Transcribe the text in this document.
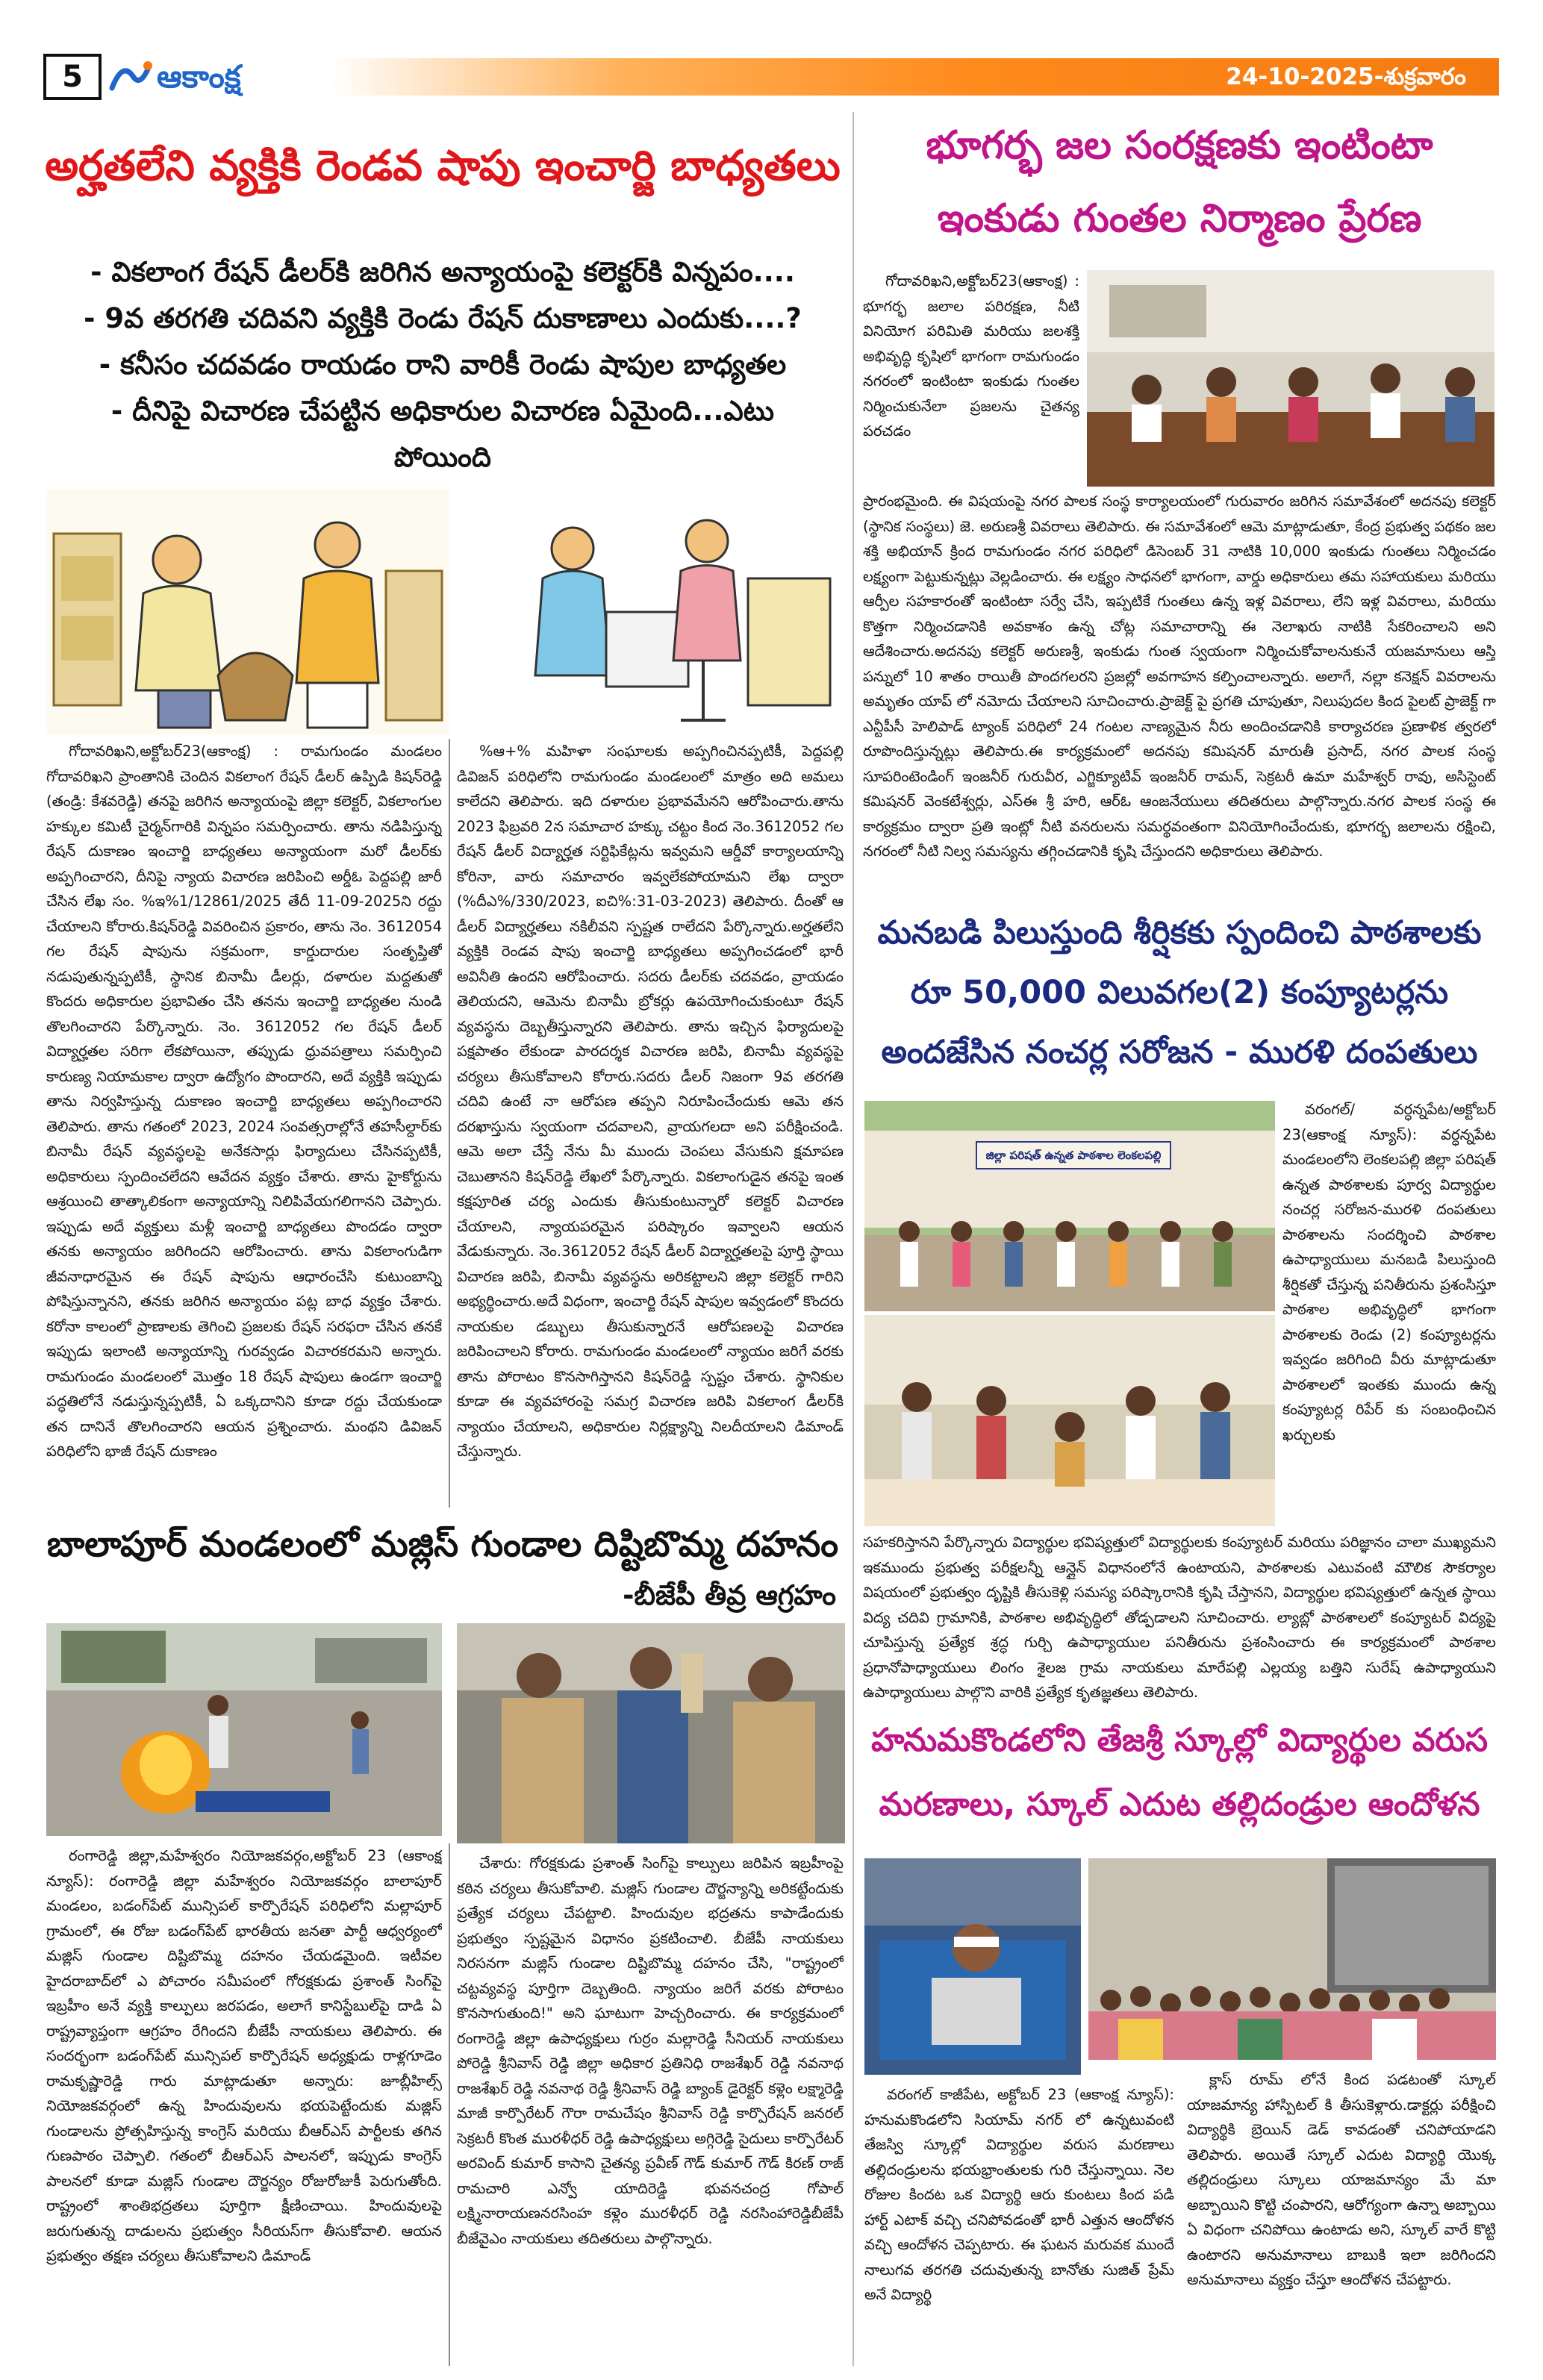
5	ఆకాంక్ష	24-10-2025-శుక్రవారం
అర్హతలేని వ్యక్తికి రెండవ షాపు ఇంచార్జి బాధ్యతలు
- వికలాంగ రేషన్ డీలర్‌కి జరిగిన అన్యాయంపై కలెక్టర్‌కి విన్నపం....
- 9వ తరగతి చదివని వ్యక్తికి రెండు రేషన్ దుకాణాలు ఎందుకు....?
- కనీసం చదవడం రాయడం రాని వారికీ రెండు షాపుల బాధ్యతల
- దీనిపై విచారణ చేపట్టిన అధికారుల విచారణ ఏమైంది...ఎటు
పోయింది

గోదావరిఖని,అక్టోబర్23(ఆకాంక్ష) : రామగుండం మండలం గోదావరిఖని ప్రాంతానికి చెందిన వికలాంగ రేషన్ డీలర్ ఉప్పిడి కిషన్‌రెడ్డి (తండ్రి: కేశవరెడ్డి) తనపై జరిగిన అన్యాయంపై జిల్లా కలెక్టర్, వికలాంగుల హక్కుల కమిటీ చైర్మన్‌గారికి విన్నపం సమర్పించారు. తాను నడిపిస్తున్న రేషన్ దుకాణం ఇంచార్జి బాధ్యతలు అన్యాయంగా మరో డీలర్‌కు అప్పగించారని, దీనిపై న్యాయ విచారణ జరిపించి అర్డీఓ పెద్దపల్లి జారీ చేసిన లేఖ సం. %ఇ%1/12861/2025 తేదీ 11-09-2025ని రద్దు చేయాలని కోరారు.కిషన్‌రెడ్డి వివరించిన ప్రకారం, తాను నెం. 3612054 గల రేషన్ షాపును సక్రమంగా, కార్డుదారుల సంతృప్తితో నడుపుతున్నప్పటికీ, స్థానిక బినామీ డీలర్లు, దళారుల మద్దతుతో కొందరు అధికారుల ప్రభావితం చేసి తనను ఇంచార్జి బాధ్యతల నుండి తొలగించారని పేర్కొన్నారు. నెం. 3612052 గల రేషన్ డీలర్ విద్యార్హతల సరిగా లేకపోయినా, తప్పుడు ధ్రువపత్రాలు సమర్పించి కారుణ్య నియామకాల ద్వారా ఉద్యోగం పొందారని, అదే వ్యక్తికి ఇప్పుడు తాను నిర్వహిస్తున్న దుకాణం ఇంచార్జి బాధ్యతలు అప్పగించారని తెలిపారు. తాను గతంలో 2023, 2024 సంవత్సరాల్లోనే తహసీల్దార్‌కు బినామీ రేషన్ వ్యవస్థలపై అనేకసార్లు ఫిర్యాదులు చేసినప్పటికీ, అధికారులు స్పందించలేదని ఆవేదన వ్యక్తం చేశారు. తాను హైకోర్టును ఆశ్రయించి తాత్కాలికంగా అన్యాయాన్ని నిలిపివేయగలిగానని చెప్పారు. ఇప్పుడు అదే వ్యక్తులు మళ్లీ ఇంచార్జి బాధ్యతలు పొందడం ద్వారా తనకు అన్యాయం జరిగిందని ఆరోపించారు. తాను వికలాంగుడిగా జీవనాధారమైన ఈ రేషన్ షాపును ఆధారంచేసి కుటుంబాన్ని పోషిస్తున్నానని, తనకు జరిగిన అన్యాయం పట్ల బాధ వ్యక్తం చేశారు. కరోనా కాలంలో ప్రాణాలకు తెగించి ప్రజలకు రేషన్ సరఫరా చేసిన తనకే ఇప్పుడు ఇలాంటి అన్యాయాన్ని గురవ్వడం విచారకరమని అన్నారు. రామగుండం మండలంలో మొత్తం 18 రేషన్ షాపులు ఉండగా ఇంచార్జి పద్ధతిలోనే నడుస్తున్నప్పటికీ, ఏ ఒక్కదానిని కూడా రద్దు చేయకుండా తన దానినే తొలగించారని ఆయన ప్రశ్నించారు. మంథని డివిజన్ పరిధిలోని భాజీ రేషన్ దుకాణం

%ఆ+% మహిళా సంఘాలకు అప్పగించినప్పటికీ, పెద్దపల్లి డివిజన్ పరిధిలోని రామగుండం మండలంలో మాత్రం అది అమలు కాలేదని తెలిపారు. ఇది దళారుల ప్రభావమేనని ఆరోపించారు.తాను 2023 ఫిబ్రవరి 2న సమాచార హక్కు చట్టం కింద నెం.3612052 గల రేషన్ డీలర్ విద్యార్హత సర్టిఫికేట్లను ఇవ్వమని ఆర్డీవో కార్యాలయాన్ని కోరినా, వారు సమాచారం ఇవ్వలేకపోయామని లేఖ ద్వారా (%దీఎ%/330/2023, ఐచి%:31-03-2023) తెలిపారు. దీంతో ఆ డీలర్ విద్యార్హతలు నకిలీవని స్పష్టత రాలేదని పేర్కొన్నారు.అర్హతలేని వ్యక్తికి రెండవ షాపు ఇంచార్జి బాధ్యతలు అప్పగించడంలో భారీ అవినీతి ఉందని ఆరోపించారు. సదరు డీలర్‌కు చదవడం, వ్రాయడం తెలియదని, ఆమెను బినామీ బ్రోకర్లు ఉపయోగించుకుంటూ రేషన్ వ్యవస్థను దెబ్బతీస్తున్నారని తెలిపారు. తాను ఇచ్చిన ఫిర్యాదులపై పక్షపాతం లేకుండా పారదర్శక విచారణ జరిపి, బినామీ వ్యవస్థపై చర్యలు తీసుకోవాలని కోరారు.సదరు డీలర్ నిజంగా 9వ తరగతి చదివి ఉంటే నా ఆరోపణ తప్పని నిరూపించేందుకు ఆమె తన దరఖాస్తును స్వయంగా చదవాలని, వ్రాయగలదా అని పరీక్షించండి. ఆమె అలా చేస్తే నేను మీ ముందు చెంపలు వేసుకుని క్షమాపణ చెబుతానని కిషన్‌రెడ్డి లేఖలో పేర్కొన్నారు. వికలాంగుడైన తనపై ఇంత కక్షపూరిత చర్య ఎందుకు తీసుకుంటున్నారో కలెక్టర్ విచారణ చేయాలని, న్యాయపరమైన పరిష్కారం ఇవ్వాలని ఆయన వేడుకున్నారు. నెం.3612052 రేషన్ డీలర్ విద్యార్హతలపై పూర్తి స్థాయి విచారణ జరిపి, బినామీ వ్యవస్థను అరికట్టాలని జిల్లా కలెక్టర్ గారిని అభ్యర్థించారు.అదే విధంగా, ఇంచార్జి రేషన్ షాపుల ఇవ్వడంలో కొందరు నాయకుల డబ్బులు తీసుకున్నారనే ఆరోపణలపై విచారణ జరిపించాలని కోరారు. రామగుండం మండలంలో న్యాయం జరిగే వరకు తాను పోరాటం కొనసాగిస్తానని కిషన్‌రెడ్డి స్పష్టం చేశారు. స్థానికుల కూడా ఈ వ్యవహారంపై సమగ్ర విచారణ జరిపి వికలాంగ డీలర్‌కి న్యాయం చేయాలని, అధికారుల నిర్లక్ష్యాన్ని నిలదీయాలని డిమాండ్ చేస్తున్నారు.

బాలాపూర్ మండలంలో మజ్లిస్ గుండాల దిష్టిబొమ్మ దహనం
-బీజేపీ తీవ్ర ఆగ్రహం

రంగారెడ్డి జిల్లా,మహేశ్వరం నియోజకవర్గం,అక్టోబర్ 23 (ఆకాంక్ష న్యూస్): రంగారెడ్డి జిల్లా మహేశ్వరం నియోజకవర్గం బాలాపూర్ మండలం, బడంగ్‌పేట్ మున్సిపల్ కార్పొరేషన్ పరిధిలోని మల్లాపూర్ గ్రామంలో, ఈ రోజు బడంగ్‌పేట్ భారతీయ జనతా పార్టీ ఆధ్వర్యంలో మజ్లిస్ గుండాల దిష్టిబొమ్మ దహనం చేయడమైంది. ఇటీవల హైదరాబాద్‌లో ఎ పోచారం సమీపంలో గోరక్షకుడు ప్రశాంత్ సింగ్‌పై ఇబ్రహీం అనే వ్యక్తి కాల్పులు జరపడం, అలాగే కానిస్టేబుల్‌పై దాడి ఏ రాష్ట్రవ్యాప్తంగా ఆగ్రహం రేగిందని బీజేపీ నాయకులు తెలిపారు. ఈ సందర్భంగా బడంగ్‌పేట్ మున్సిపల్ కార్పొరేషన్ అధ్యక్షుడు రాళ్లగూడెం రామకృష్ణారెడ్డి గారు మాట్లాడుతూ అన్నారు: జూబ్లీహిల్స్ నియోజకవర్గంలో ఉన్న హిందువులను భయపెట్టేందుకు మజ్లిస్ గుండాలను ప్రోత్సహిస్తున్న కాంగ్రెస్ మరియు బీఆర్ఎస్ పార్టీలకు తగిన గుణపాఠం చెప్పాలి. గతంలో బీఆర్ఎస్ పాలనలో, ఇప్పుడు కాంగ్రెస్ పాలనలో కూడా మజ్లిస్ గుండాల దౌర్జన్యం రోజురోజుకీ పెరుగుతోంది. రాష్ట్రంలో శాంతిభద్రతలు పూర్తిగా క్షీణించాయి. హిందువులపై జరుగుతున్న దాడులను ప్రభుత్వం సీరియస్‌గా తీసుకోవాలి. ఆయన ప్రభుత్వం తక్షణ చర్యలు తీసుకోవాలని డిమాండ్

చేశారు: గోరక్షకుడు ప్రశాంత్ సింగ్‌పై కాల్పులు జరిపిన ఇబ్రహీంపై కఠిన చర్యలు తీసుకోవాలి. మజ్లిస్ గుండాల దౌర్జన్యాన్ని అరికట్టేందుకు ప్రత్యేక చర్యలు చేపట్టాలి. హిందువుల భద్రతను కాపాడేందుకు ప్రభుత్వం స్పష్టమైన విధానం ప్రకటించాలి. బీజేపీ నాయకులు నిరసనగా మజ్లిస్ గుండాల దిష్టిబొమ్మ దహనం చేసి, "రాష్ట్రంలో చట్టవ్యవస్థ పూర్తిగా దెబ్బతింది. న్యాయం జరిగే వరకు పోరాటం కొనసాగుతుంది!" అని ఘాటుగా హెచ్చరించారు. ఈ కార్యక్రమంలో రంగారెడ్డి జిల్లా ఉపాధ్యక్షులు గుర్రం మల్లారెడ్డి సీనియర్ నాయకులు పోరెడ్డి శ్రీనివాస్ రెడ్డి జిల్లా అధికార ప్రతినిధి రాజశేఖర్ రెడ్డి నవనాథ రాజశేఖర్ రెడ్డి నవనాథ రెడ్డి శ్రీనివాస్ రెడ్డి బ్యాంక్ డైరెక్టర్ కళ్లెం లక్ష్మారెడ్డి మాజీ కార్పొరేటర్ గౌరా రామచేషం శ్రీనివాస్ రెడ్డి కార్పొరేషన్ జనరల్ సెక్రటరీ కొంత మురళీధర్ రెడ్డి ఉపాధ్యక్షులు అగ్గిరెడ్డి సైదులు కార్పొరేటర్ అరవింద్ కుమార్ కాసాని చైతన్య ప్రవీణ్ గౌడ్ కుమార్ గౌడ్ కిరణ్ రాజ్ రామచారి ఎన్వో యాదిరెడ్డి భువనచంద్ర గోపాల్ లక్ష్మినారాయణనరసింహ కళ్లెం మురళీధర్ రెడ్డి నరసింహారెడ్డిబీజేపీ బీజేవైఎం నాయకులు తదితరులు పాల్గొన్నారు.

భూగర్భ జల సంరక్షణకు ఇంటింటా
ఇంకుడు గుంతల నిర్మాణం ప్రేరణ

గోదావరిఖని,అక్టోబర్23(ఆకాంక్ష) : భూగర్భ జలాల పరిరక్షణ, నీటి వినియోగ పరిమితి మరియు జలశక్తి అభివృద్ధి కృషిలో భాగంగా రామగుండం నగరంలో ఇంటింటా ఇంకుడు గుంతల నిర్మించుకునేలా ప్రజలను చైతన్య పరచడం

ప్రారంభమైంది. ఈ విషయంపై నగర పాలక సంస్థ కార్యాలయంలో గురువారం జరిగిన సమావేశంలో అదనపు కలెక్టర్ (స్థానిక సంస్థలు) జె. అరుణశ్రీ వివరాలు తెలిపారు. ఈ సమావేశంలో ఆమె మాట్లాడుతూ, కేంద్ర ప్రభుత్వ పథకం జల శక్తి అభియాన్ క్రింద రామగుండం నగర పరిధిలో డిసెంబర్ 31 నాటికి 10,000 ఇంకుడు గుంతలు నిర్మించడం లక్ష్యంగా పెట్టుకున్నట్లు వెల్లడించారు. ఈ లక్ష్యం సాధనలో భాగంగా, వార్డు అధికారులు తమ సహాయకులు మరియు ఆర్పీల సహకారంతో ఇంటింటా సర్వే చేసి, ఇప్పటికే గుంతలు ఉన్న ఇళ్ల వివరాలు, లేని ఇళ్ల వివరాలు, మరియు కొత్తగా నిర్మించడానికి అవకాశం ఉన్న చోట్ల సమాచారాన్ని ఈ నెలాఖరు నాటికి సేకరించాలని అని ఆదేశించారు.అదనపు కలెక్టర్ అరుణశ్రీ, ఇంకుడు గుంత స్వయంగా నిర్మించుకోవాలనుకునే యజమానులు ఆస్తి పన్నులో 10 శాతం రాయితీ పొందగలరని ప్రజల్లో అవగాహన కల్పించాలన్నారు. అలాగే, నల్లా కనెక్షన్ వివరాలను అమృతం యాప్ లో నమోదు చేయాలని సూచించారు.ప్రాజెక్ట్ పై ప్రగతి చూపుతూ, నిలుపుదల కింద పైలట్ ప్రాజెక్ట్ గా ఎన్టీపీసీ హెలిపాడ్ ట్యాంక్ పరిధిలో 24 గంటల నాణ్యమైన నీరు అందించడానికి కార్యాచరణ ప్రణాళిక త్వరలో రూపొందిస్తున్నట్లు తెలిపారు.ఈ కార్యక్రమంలో అదనపు కమిషనర్ మారుతీ ప్రసాద్, నగర పాలక సంస్థ సూపరింటెండింగ్ ఇంజనీర్ గురువీర, ఎగ్జిక్యూటివ్ ఇంజనీర్ రామన్, సెక్రటరీ ఉమా మహేశ్వర్ రావు, అసిస్టెంట్ కమిషనర్ వెంకటేశ్వర్లు, ఎస్ఈ శ్రీ హరి, ఆర్ఓ ఆంజనేయులు తదితరులు పాల్గొన్నారు.నగర పాలక సంస్థ ఈ కార్యక్రమం ద్వారా ప్రతి ఇంట్లో నీటి వనరులను సమర్థవంతంగా వినియోగించేందుకు, భూగర్భ జలాలను రక్షించి, నగరంలో నీటి నిల్వ సమస్యను తగ్గించడానికి కృషి చేస్తుందని అధికారులు తెలిపారు.

మనబడి పిలుస్తుంది శీర్షికకు స్పందించి పాఠశాలకు
రూ 50,000 విలువగల(2) కంప్యూటర్లను
అందజేసిన నంచర్ల సరోజన - మురళి దంపతులు
జిల్లా పరిషత్ ఉన్నత పాఠశాల లెంకలపల్లి

వరంగల్/ వర్ధన్నపేట/అక్టోబర్ 23(ఆకాంక్ష న్యూస్): వర్ధన్నపేట మండలంలోని లెంకలపల్లి జిల్లా పరిషత్ ఉన్నత పాఠశాలకు పూర్వ విద్యార్థుల నంచర్ల సరోజన-మురళి దంపతులు పాఠశాలను సందర్శించి పాఠశాల ఉపాధ్యాయులు మనబడి పిలుస్తుంది శీర్షికతో చేస్తున్న పనితీరును ప్రశంసిస్తూ పాఠశాల అభివృద్ధిలో భాగంగా పాఠశాలకు రెండు (2) కంప్యూటర్లను ఇవ్వడం జరిగింది వీరు మాట్లాడుతూ పాఠశాలలో ఇంతకు ముందు ఉన్న కంప్యూటర్ల రిపేర్ కు సంబంధించిన ఖర్చులకు

సహకరిస్తానని పేర్కొన్నారు విద్యార్థుల భవిష్యత్తులో విద్యార్థులకు కంప్యూటర్ మరియు పరిజ్ఞానం చాలా ముఖ్యమని ఇకముందు ప్రభుత్వ పరీక్షలన్నీ ఆన్లైన్ విధానంలోనే ఉంటాయని, పాఠశాలకు ఎటువంటి మౌలిక సౌకర్యాల విషయంలో ప్రభుత్వం దృష్టికి తీసుకెళ్లి సమస్య పరిష్కారానికి కృషి చేస్తానని, విద్యార్థుల భవిష్యత్తులో ఉన్నత స్థాయి విద్య చదివి గ్రామానికి, పాఠశాల అభివృద్ధిలో తోడ్పడాలని సూచించారు. ల్యాబ్లో పాఠశాలలో కంప్యూటర్ విద్యపై చూపిస్తున్న ప్రత్యేక శ్రద్ధ గుర్చి ఉపాధ్యాయుల పనితీరును ప్రశంసించారు ఈ కార్యక్రమంలో పాఠశాల ప్రధానోపాధ్యాయులు లింగం శైలజ గ్రామ నాయకులు మారేపల్లి ఎల్లయ్య బత్తిని సురేష్ ఉపాధ్యాయుని ఉపాధ్యాయులు పాల్గొని వారికి ప్రత్యేక కృతజ్ఞతలు తెలిపారు.

హనుమకొండలోని తేజశ్రీ స్కూల్లో విద్యార్థుల వరుస
మరణాలు, స్కూల్ ఎదుట తల్లిదండ్రుల ఆందోళన

వరంగల్ కాజీపేట, అక్టోబర్ 23 (ఆకాంక్ష న్యూస్): హనుమకొండలోని సియామ్ నగర్ లో ఉన్నటువంటి తేజస్వి స్కూల్లో విద్యార్థుల వరుస మరణాలు తల్లిదండ్రులను భయభ్రాంతులకు గురి చేస్తున్నాయి. నెల రోజుల కిందట ఒక విద్యార్థి ఆరు కుంటలు కింద పడి హార్ట్ ఎటాక్ వచ్చి చనిపోవడంతో భారీ ఎత్తున ఆందోళన వచ్చి ఆందోళన చెప్పటారు. ఈ ఘటన మరువక ముందే నాలుగవ తరగతి చదువుతున్న బానోతు సుజిత్ ప్రేమ్ అనే విద్యార్థి

క్లాస్ రూమ్ లోనే కింద పడటంతో స్కూల్ యాజమాన్య హాస్పిటల్ కి తీసుకెళ్లారు.డాక్టర్లు పరీక్షించి విద్యార్థికి బ్రెయిన్ డెడ్ కావడంతో చనిపోయాడని తెలిపారు. అయితే స్కూల్ ఎదుట విద్యార్థి యొక్క తల్లిదండ్రులు స్కూలు యాజమాన్యం మే మా అబ్బాయిని కొట్టి చంపారని, ఆరోగ్యంగా ఉన్నా అబ్బాయి ఏ విధంగా చనిపోయి ఉంటాడు అని, స్కూల్ వారే కొట్టి ఉంటారని అనుమానాలు బాబుకి ఇలా జరిగిందని అనుమానాలు వ్యక్తం చేస్తూ ఆందోళన చేపట్టారు.
